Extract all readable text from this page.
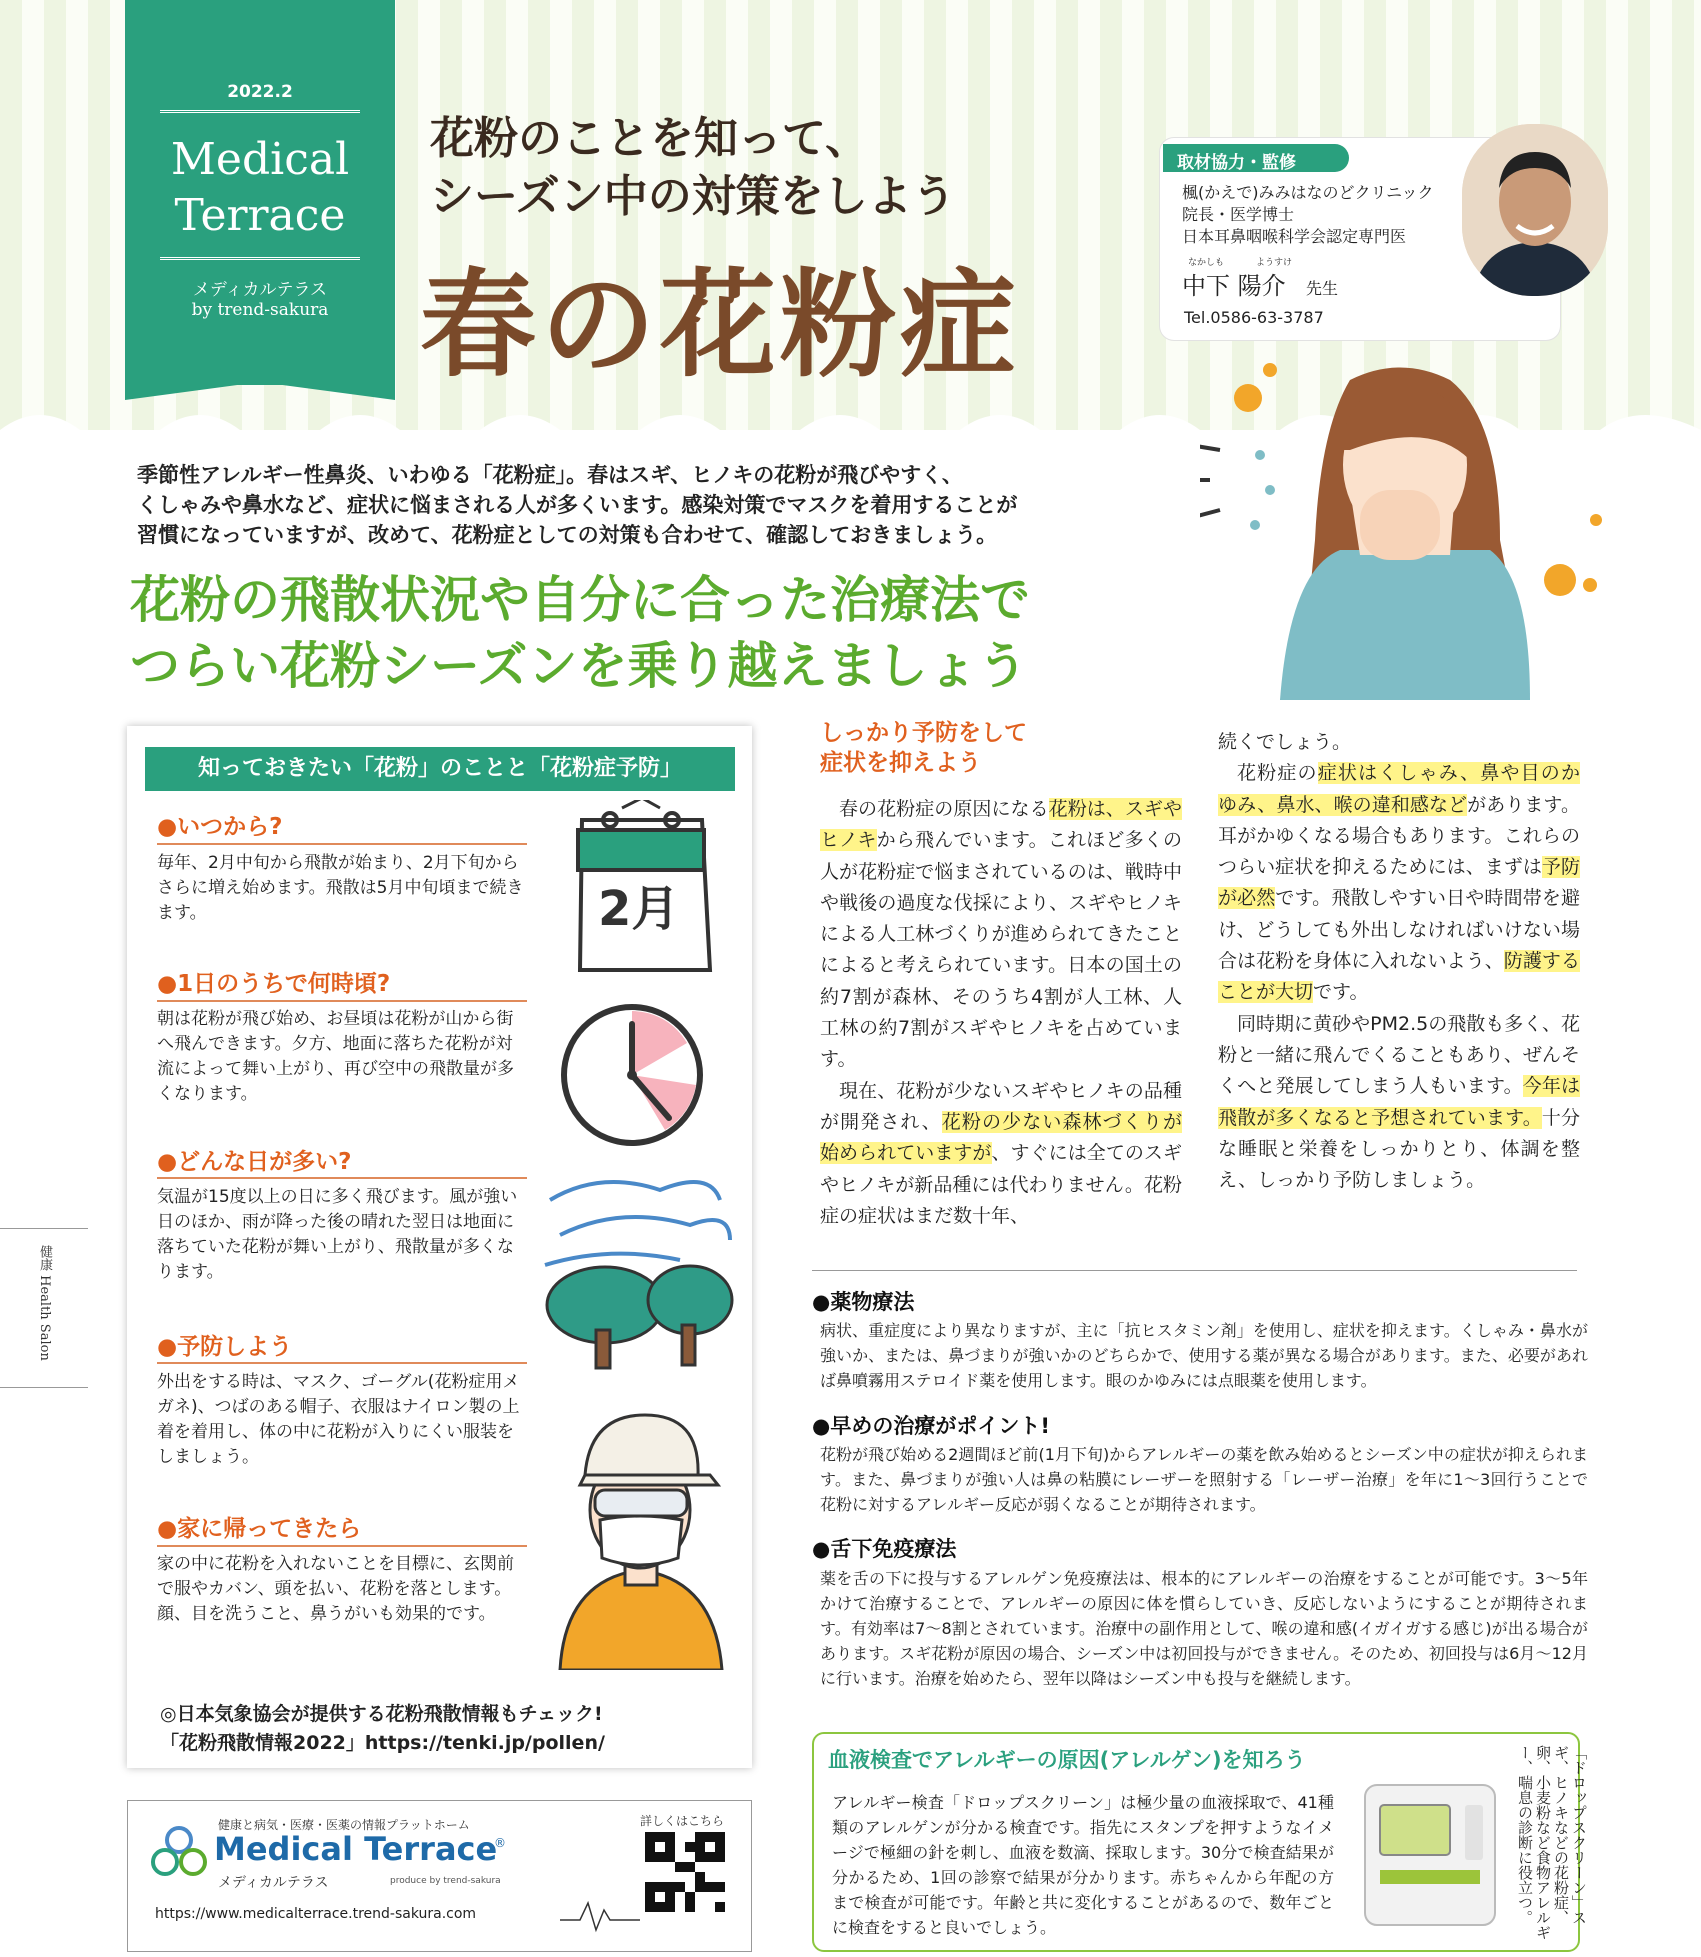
2022.2
Medical
Terrace
メディカルテラス
by trend-sakura
花粉のことを知って、
シーズン中の対策をしよう
春の花粉症
取材協力・監修
楓(かえで)みみはなのどクリニック
院長・医学博士
日本耳鼻咽喉科学会認定専門医
なかしも	ようすけ
中下 陽介 先生
Tel.0586-63-3787
季節性アレルギー性鼻炎、いわゆる「花粉症」。春はスギ、ヒノキの花粉が飛びやすく、
くしゃみや鼻水など、症状に悩まされる人が多くいます。感染対策でマスクを着用することが
習慣になっていますが、改めて、花粉症としての対策も合わせて、確認しておきましょう。
花粉の飛散状況や自分に合った治療法で
つらい花粉シーズンを乗り越えましょう
知っておきたい「花粉」のことと「花粉症予防」
●いつから?
毎年、2月中旬から飛散が始まり、2月下旬からさらに増え始めます。飛散は5月中旬頃まで続きます。
●1日のうちで何時頃?
朝は花粉が飛び始め、お昼頃は花粉が山から街へ飛んできます。夕方、地面に落ちた花粉が対流によって舞い上がり、再び空中の飛散量が多くなります。
●どんな日が多い?
気温が15度以上の日に多く飛びます。風が強い日のほか、雨が降った後の晴れた翌日は地面に落ちていた花粉が舞い上がり、飛散量が多くなります。
●予防しよう
外出をする時は、マスク、ゴーグル(花粉症用メガネ)、つばのある帽子、衣服はナイロン製の上着を着用し、体の中に花粉が入りにくい服装をしましょう。
●家に帰ってきたら
家の中に花粉を入れないことを目標に、玄関前で服やカバン、頭を払い、花粉を落とします。顔、目を洗うこと、鼻うがいも効果的です。
2月
◎日本気象協会が提供する花粉飛散情報もチェック!
「花粉飛散情報2022」https://tenki.jp/pollen/
しっかり予防をして
症状を抑えよう

春の花粉症の原因になる花粉は、スギやヒノキから飛んでいます。これほど多くの人が花粉症で悩まされているのは、戦時中や戦後の過度な伐採により、スギやヒノキによる人工林づくりが進められてきたことによると考えられています。日本の国土の約7割が森林、そのうち4割が人工林、人工林の約7割がスギやヒノキを占めています。

現在、花粉が少ないスギやヒノキの品種が開発され、花粉の少ない森林づくりが始められていますが、すぐには全てのスギやヒノキが新品種には代わりません。花粉症の症状はまだ数十年、

続くでしょう。

花粉症の症状はくしゃみ、鼻や目のかゆみ、鼻水、喉の違和感などがあります。耳がかゆくなる場合もあります。これらのつらい症状を抑えるためには、まずは予防が必然です。飛散しやすい日や時間帯を避け、どうしても外出しなければいけない場合は花粉を身体に入れないよう、防護することが大切です。

同時期に黄砂やPM2.5の飛散も多く、花粉と一緒に飛んでくることもあり、ぜんそくへと発展してしまう人もいます。今年は飛散が多くなると予想されています。十分な睡眠と栄養をしっかりとり、体調を整え、しっかり予防しましょう。

●薬物療法
病状、重症度により異なりますが、主に「抗ヒスタミン剤」を使用し、症状を抑えます。くしゃみ・鼻水が強いか、または、鼻づまりが強いかのどちらかで、使用する薬が異なる場合があります。また、必要があれば鼻噴霧用ステロイド薬を使用します。眼のかゆみには点眼薬を使用します。
●早めの治療がポイント!
花粉が飛び始める2週間ほど前(1月下旬)からアレルギーの薬を飲み始めるとシーズン中の症状が抑えられます。また、鼻づまりが強い人は鼻の粘膜にレーザーを照射する「レーザー治療」を年に1〜3回行うことで花粉に対するアレルギー反応が弱くなることが期待されます。
●舌下免疫療法
薬を舌の下に投与するアレルゲン免疫療法は、根本的にアレルギーの治療をすることが可能です。3〜5年かけて治療することで、アレルギーの原因に体を慣らしていき、反応しないようにすることが期待されます。有効率は7〜8割とされています。治療中の副作用として、喉の違和感(イガイガする感じ)が出る場合があります。スギ花粉が原因の場合、シーズン中は初回投与ができません。そのため、初回投与は6月〜12月に行います。治療を始めたら、翌年以降はシーズン中も投与を継続します。
血液検査でアレルギーの原因(アレルゲン)を知ろう
アレルギー検査「ドロップスクリーン」は極少量の血液採取で、41種類のアレルゲンが分かる検査です。指先にスタンプを押すようなイメージで極細の針を刺し、血液を数滴、採取します。30分で検査結果が分かるため、1回の診察で結果が分かります。赤ちゃんから年配の方まで検査が可能です。年齢と共に変化することがあるので、数年ごとに検査をすると良いでしょう。
「ドロップスクリーン」スギ、ヒノキなどの花粉症、卵、小麦粉など食物アレルギー、喘息の診断に役立つ。
健康と病気・医療・医薬の情報プラットホーム
Medical Terrace
®
メディカルテラス	produce by trend-sakura
https://www.medicalterrace.trend-sakura.com
詳しくはこちら
健康 Health Salon
